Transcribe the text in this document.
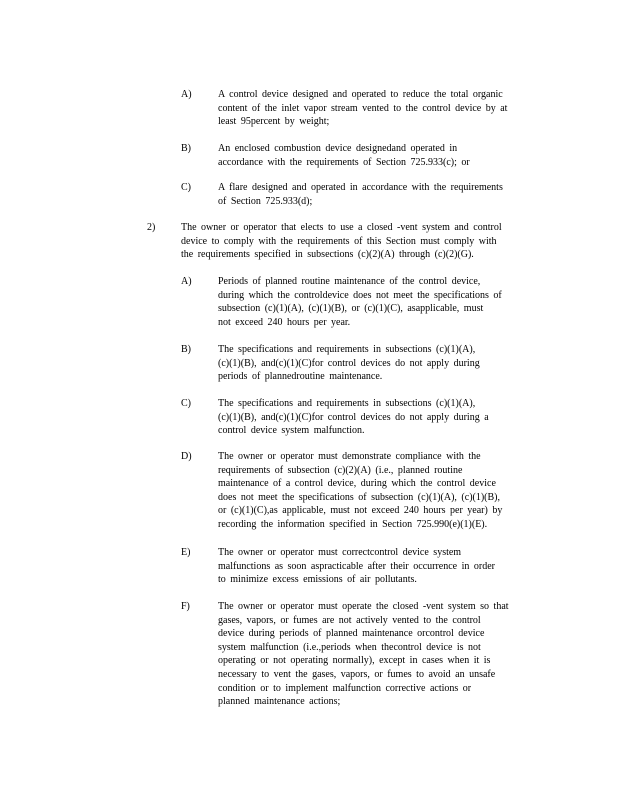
A)	A control device designed and operated to reduce the total organic
content of the inlet vapor stream vented to the control device by at
least 95percent by weight;
B)	An enclosed combustion device designedand operated in
accordance with the requirements of Section 725.933(c); or
C)	A flare designed and operated in accordance with the requirements
of Section 725.933(d);
2)	The owner or operator that elects to use a closed -vent system and control
device to comply with the requirements of this Section must comply with
the requirements specified in subsections (c)(2)(A) through (c)(2)(G).
A)	Periods of planned routine maintenance of the control device,
during which the controldevice does not meet the specifications of
subsection (c)(1)(A), (c)(1)(B), or (c)(1)(C), asapplicable, must
not exceed 240 hours per year.
B)	The specifications and requirements in subsections (c)(1)(A),
(c)(1)(B), and(c)(1)(C)for control devices do not apply during
periods of plannedroutine maintenance.
C)	The specifications and requirements in subsections (c)(1)(A),
(c)(1)(B), and(c)(1)(C)for control devices do not apply during a
control device system malfunction.
D)	The owner or operator must demonstrate compliance with the
requirements of subsection (c)(2)(A) (i.e., planned routine
maintenance of a control device, during which the control device
does not meet the specifications of subsection (c)(1)(A), (c)(1)(B),
or (c)(1)(C),as applicable, must not exceed 240 hours per year) by
recording the information specified in Section 725.990(e)(1)(E).
E)	The owner or operator must correctcontrol device system
malfunctions as soon aspracticable after their occurrence in order
to minimize excess emissions of air pollutants.
F)	The owner or operator must operate the closed -vent system so that
gases, vapors, or fumes are not actively vented to the control
device during periods of planned maintenance orcontrol device
system malfunction (i.e.,periods when thecontrol device is not
operating or not operating normally), except in cases when it is
necessary to vent the gases, vapors, or fumes to avoid an unsafe
condition or to implement malfunction corrective actions or
planned maintenance actions;
